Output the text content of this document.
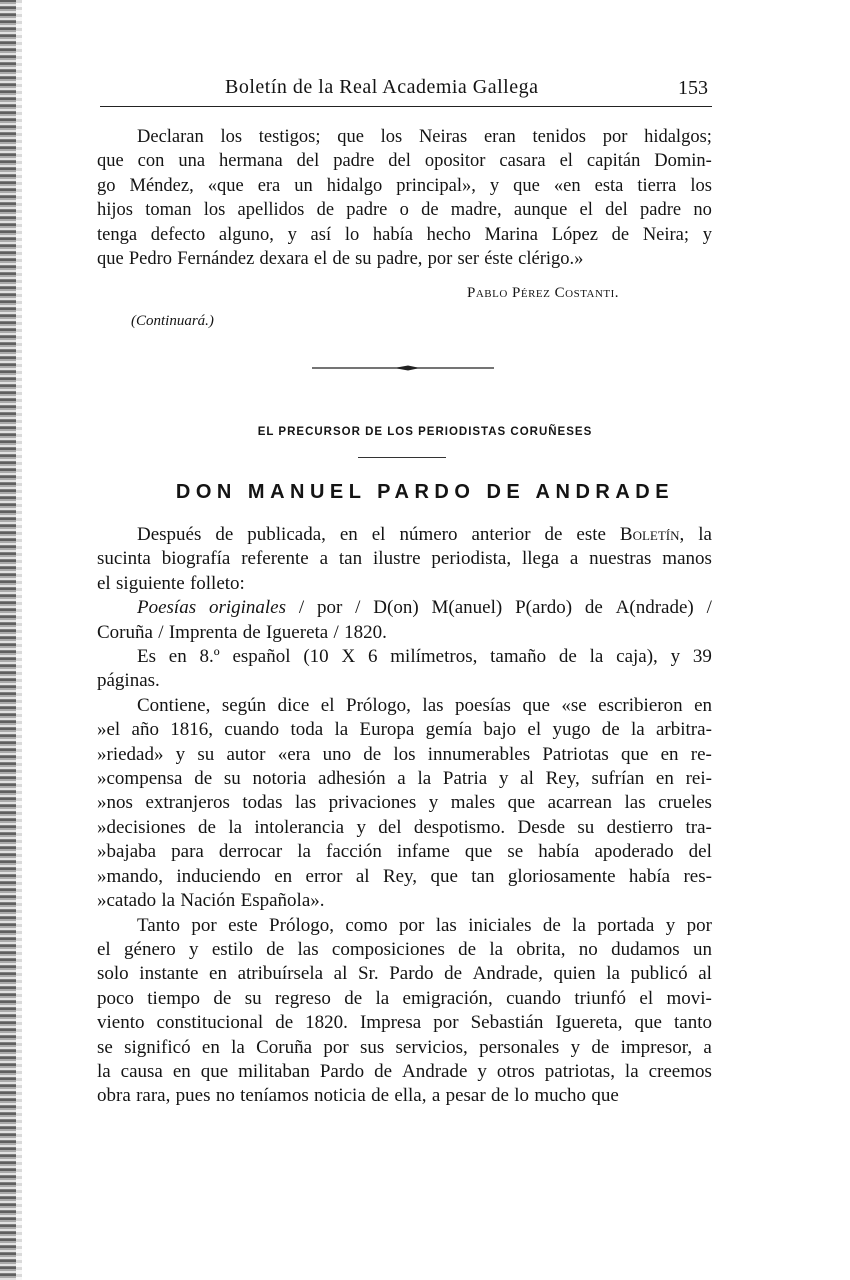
Boletín de la Real Academia Gallega	153
Declaran los testigos; que los Neiras eran tenidos por hidalgos;
que con una hermana del padre del opositor casara el capitán Domin-
go Méndez, «que era un hidalgo principal», y que «en esta tierra los
hijos toman los apellidos de padre o de madre, aunque el del padre no
tenga defecto alguno, y así lo había hecho Marina López de Neira; y
que Pedro Fernández dexara el de su padre, por ser éste clérigo.»
Pablo Pérez Costanti.
(Continuará.)
EL PRECURSOR DE LOS PERIODISTAS CORUÑESES
DON MANUEL PARDO DE ANDRADE
Después de publicada, en el número anterior de este Boletín, la
sucinta biografía referente a tan ilustre periodista, llega a nuestras manos
el siguiente folleto:
Poesías originales / por / D(on) M(anuel) P(ardo) de A(ndrade) /
Coruña / Imprenta de Iguereta / 1820.
Es en 8.º español (10 X 6 milímetros, tamaño de la caja), y 39
páginas.
Contiene, según dice el Prólogo, las poesías que «se escribieron en
»el año 1816, cuando toda la Europa gemía bajo el yugo de la arbitra-
»riedad» y su autor «era uno de los innumerables Patriotas que en re-
»compensa de su notoria adhesión a la Patria y al Rey, sufrían en rei-
»nos extranjeros todas las privaciones y males que acarrean las crueles
»decisiones de la intolerancia y del despotismo. Desde su destierro tra-
»bajaba para derrocar la facción infame que se había apoderado del
»mando, induciendo en error al Rey, que tan gloriosamente había res-
»catado la Nación Española».
Tanto por este Prólogo, como por las iniciales de la portada y por
el género y estilo de las composiciones de la obrita, no dudamos un
solo instante en atribuírsela al Sr. Pardo de Andrade, quien la publicó al
poco tiempo de su regreso de la emigración, cuando triunfó el movi-
viento constitucional de 1820. Impresa por Sebastián Iguereta, que tanto
se significó en la Coruña por sus servicios, personales y de impresor, a
la causa en que militaban Pardo de Andrade y otros patriotas, la creemos
obra rara, pues no teníamos noticia de ella, a pesar de lo mucho que
